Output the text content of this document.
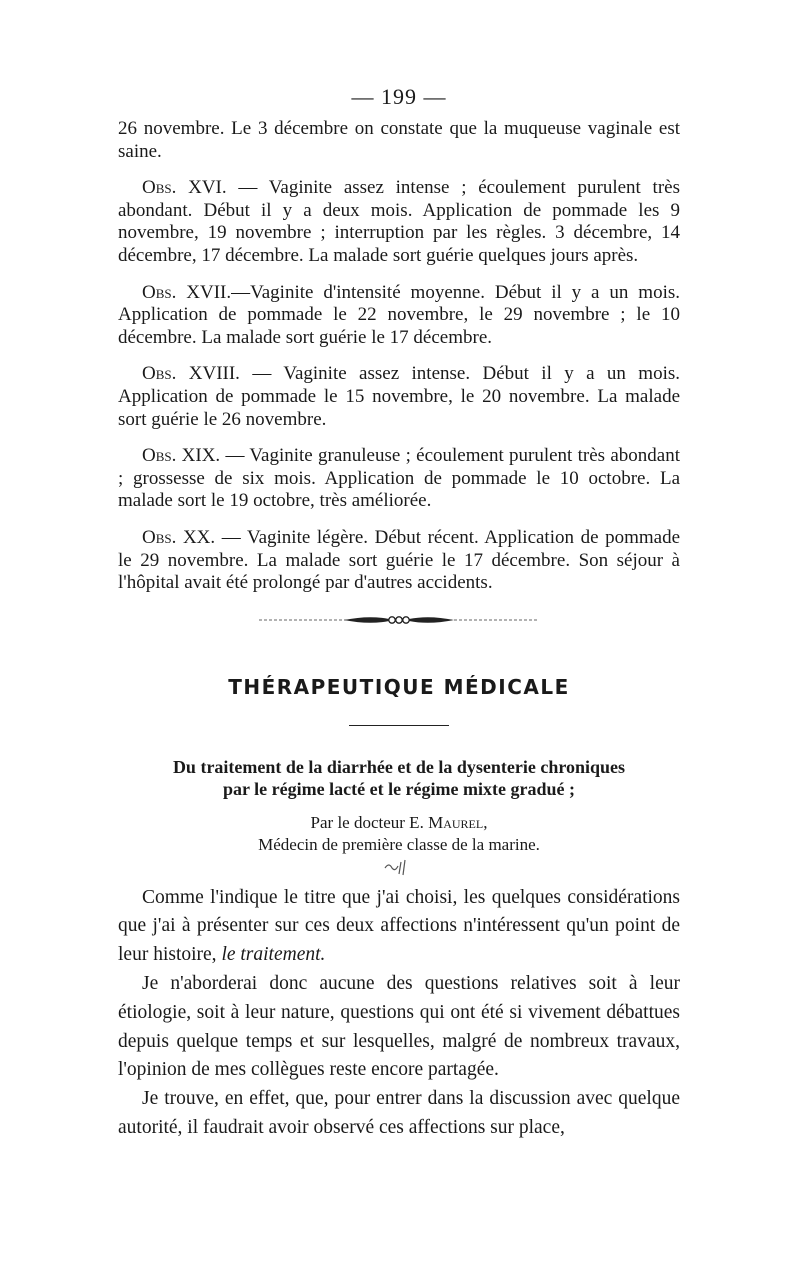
— 199 —

26 novembre. Le 3 décembre on constate que la muqueuse vaginale est saine.

Obs. XVI. — Vaginite assez intense ; écoulement purulent très abondant. Début il y a deux mois. Application de pommade les 9 novembre, 19 novembre ; interruption par les règles. 3 décembre, 14 décembre, 17 décembre. La malade sort guérie quelques jours après.

Obs. XVII.—Vaginite d'intensité moyenne. Début il y a un mois. Application de pommade le 22 novembre, le 29 novembre ; le 10 décembre. La malade sort guérie le 17 décembre.

Obs. XVIII. — Vaginite assez intense. Début il y a un mois. Application de pommade le 15 novembre, le 20 novembre. La malade sort guérie le 26 novembre.

Obs. XIX. — Vaginite granuleuse ; écoulement purulent très abondant ; grossesse de six mois. Application de pommade le 10 octobre. La malade sort le 19 octobre, très améliorée.

Obs. XX. — Vaginite légère. Début récent. Application de pommade le 29 novembre. La malade sort guérie le 17 décembre. Son séjour à l'hôpital avait été prolongé par d'autres accidents.

THÉRAPEUTIQUE MÉDICALE
Du traitement de la diarrhée et de la dysenterie chroniques
par le régime lacté et le régime mixte gradué ;
Par le docteur E. Maurel,
Médecin de première classe de la marine.

Comme l'indique le titre que j'ai choisi, les quelques considérations que j'ai à présenter sur ces deux affections n'intéressent qu'un point de leur histoire, le traitement.

Je n'aborderai donc aucune des questions relatives soit à leur étiologie, soit à leur nature, questions qui ont été si vivement débattues depuis quelque temps et sur lesquelles, malgré de nombreux travaux, l'opinion de mes collègues reste encore partagée.

Je trouve, en effet, que, pour entrer dans la discussion avec quelque autorité, il faudrait avoir observé ces affections sur place,
